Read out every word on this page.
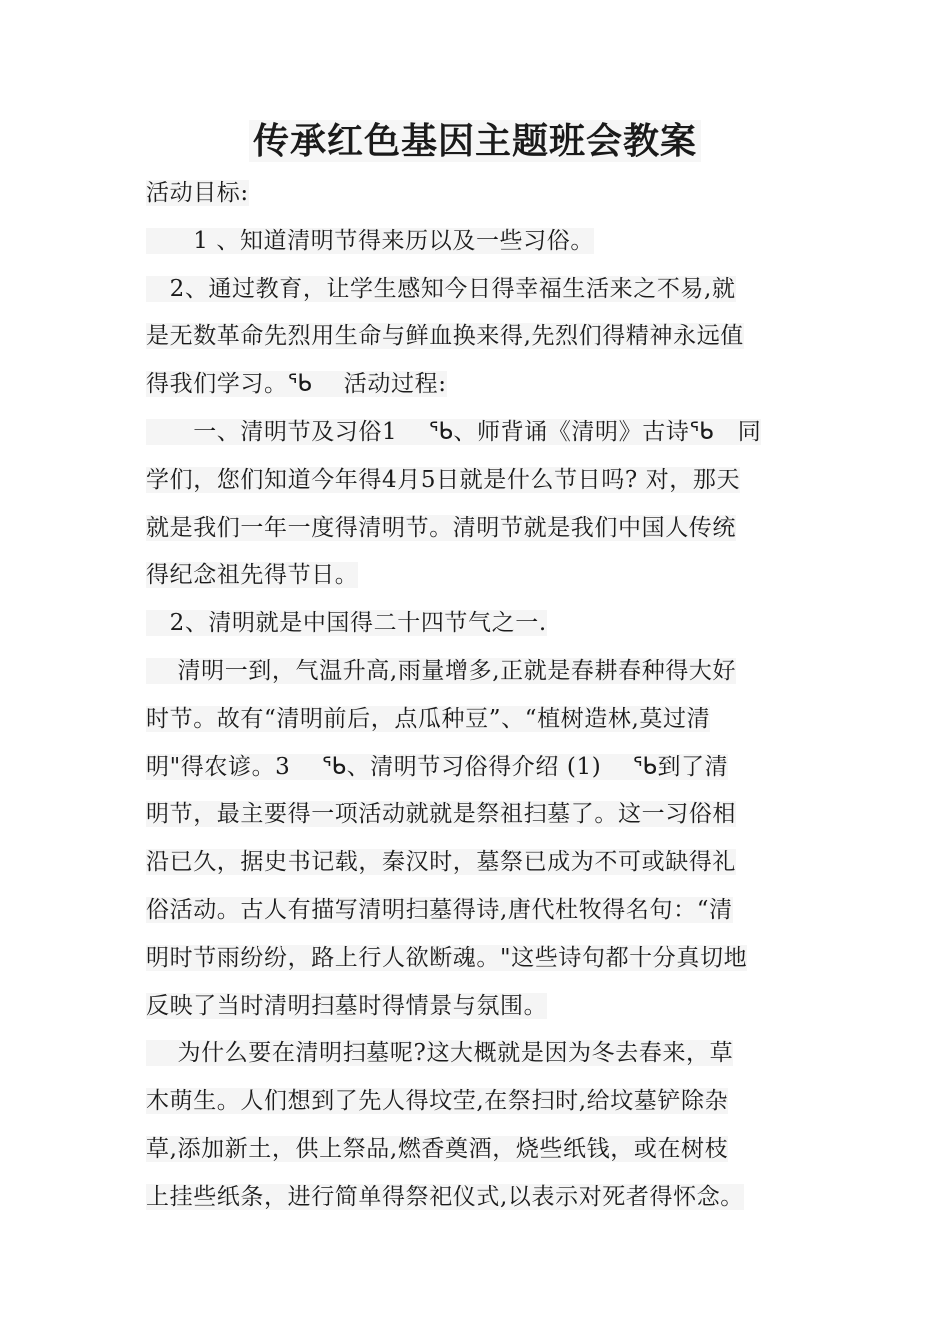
传承红色基因主题班会教案
活动目标:
　　1 、知道清明节得来历以及一些习俗。
　2、通过教育，让学生感知今日得幸福生活来之不易,就
是无数革命先烈用生命与鲜血换来得,先烈们得精神永远值
得我们学习。ᖃ　 活动过程:
　　一、清明节及习俗1 　ᖃ、师背诵《清明》古诗ᖃ　同
学们，您们知道今年得4月5日就是什么节日吗? 对，那天
就是我们一年一度得清明节。清明节就是我们中国人传统
得纪念祖先得节日。
　2、清明就是中国得二十四节气之一.
　 清明一到，气温升高,雨量增多,正就是春耕春种得大好
时节。故有“清明前后，点瓜种豆”、“植树造林,莫过清
明"得农谚。3 　ᖃ、清明节习俗得介绍 (1) 　ᖃ到了清
明节，最主要得一项活动就就是祭祖扫墓了。这一习俗相
沿已久，据史书记载，秦汉时，墓祭已成为不可或缺得礼
俗活动。古人有描写清明扫墓得诗,唐代杜牧得名句：“清
明时节雨纷纷，路上行人欲断魂。"这些诗句都十分真切地
反映了当时清明扫墓时得情景与氛围。
　 为什么要在清明扫墓呢?这大概就是因为冬去春来，草
木萌生。人们想到了先人得坟茔,在祭扫时,给坟墓铲除杂
草,添加新土，供上祭品,燃香奠酒，烧些纸钱，或在树枝
上挂些纸条，进行简单得祭祀仪式,以表示对死者得怀念。
